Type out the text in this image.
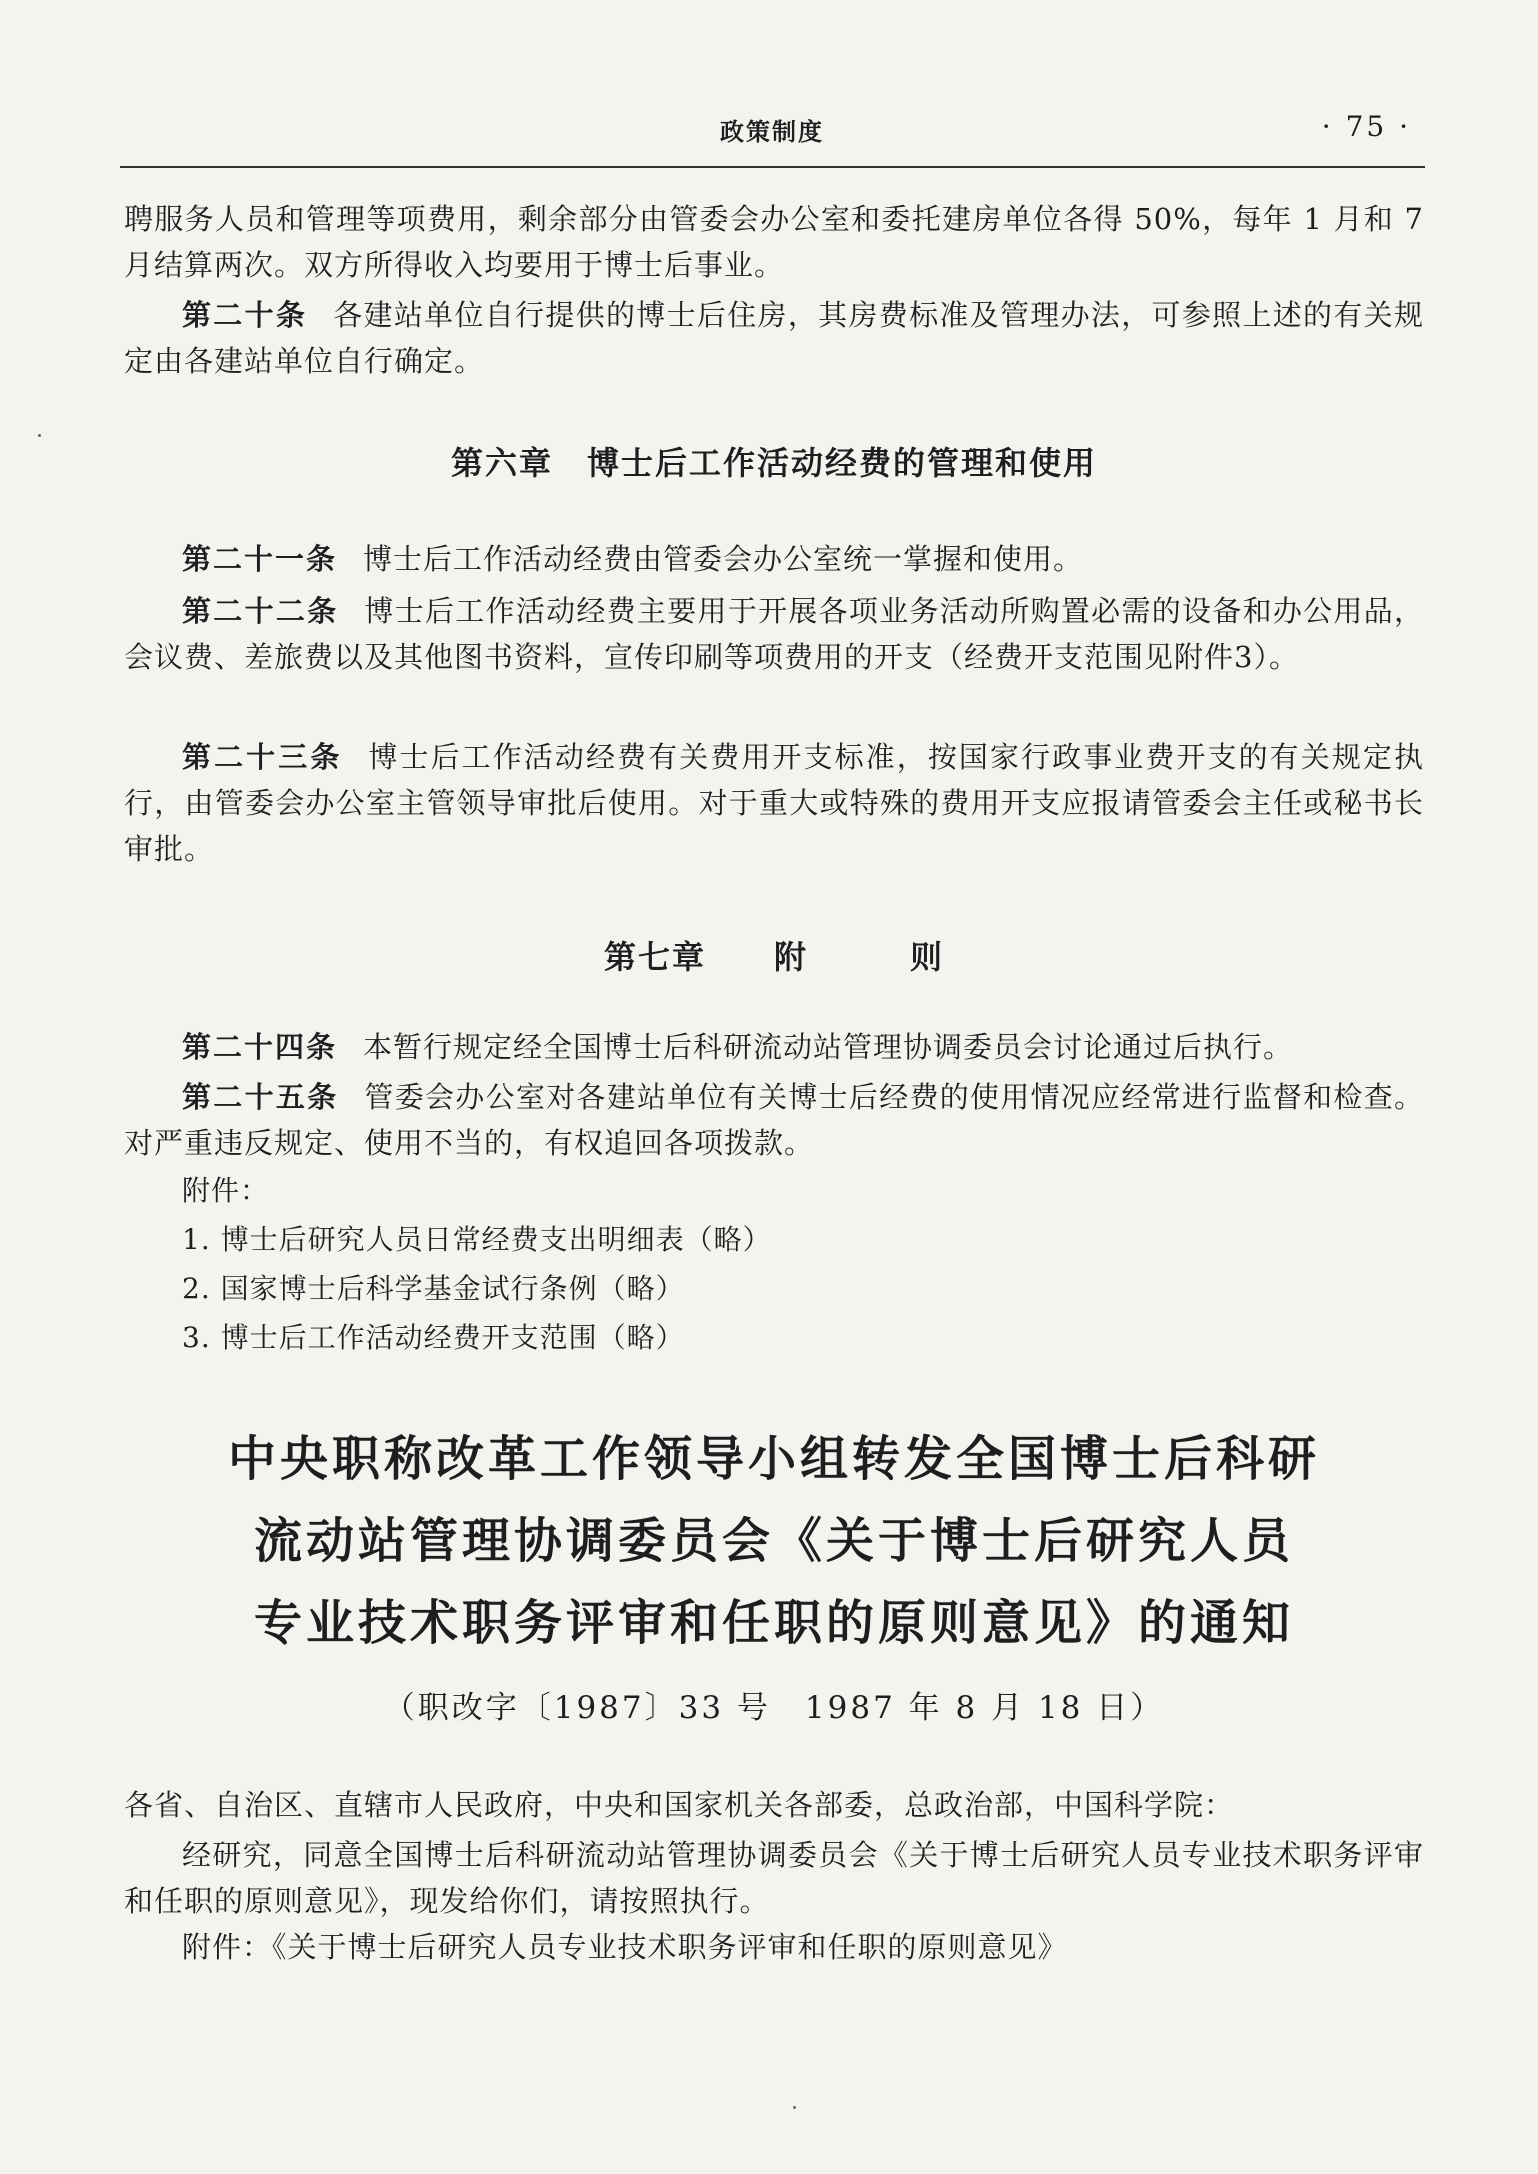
政策制度	· 75 ·
聘服务人员和管理等项费用，剩余部分由管委会办公室和委托建房单位各得 50%，每年 1 月和 7 月结算两次。双方所得收入均要用于博士后事业。
第二十条 各建站单位自行提供的博士后住房，其房费标准及管理办法，可参照上述的有关规定由各建站单位自行确定。
第六章　博士后工作活动经费的管理和使用
第二十一条 博士后工作活动经费由管委会办公室统一掌握和使用。
第二十二条 博士后工作活动经费主要用于开展各项业务活动所购置必需的设备和办公用品，会议费、差旅费以及其他图书资料，宣传印刷等项费用的开支（经费开支范围见附件3）。
第二十三条 博士后工作活动经费有关费用开支标准，按国家行政事业费开支的有关规定执行，由管委会办公室主管领导审批后使用。对于重大或特殊的费用开支应报请管委会主任或秘书长审批。
第七章　　附　　　则
第二十四条 本暂行规定经全国博士后科研流动站管理协调委员会讨论通过后执行。
第二十五条 管委会办公室对各建站单位有关博士后经费的使用情况应经常进行监督和检查。对严重违反规定、使用不当的，有权追回各项拨款。
附件：
1. 博士后研究人员日常经费支出明细表（略）
2. 国家博士后科学基金试行条例（略）
3. 博士后工作活动经费开支范围（略）
中央职称改革工作领导小组转发全国博士后科研
流动站管理协调委员会《关于博士后研究人员
专业技术职务评审和任职的原则意见》的通知
（职改字〔1987〕33 号　1987 年 8 月 18 日）
各省、自治区、直辖市人民政府，中央和国家机关各部委，总政治部，中国科学院：
经研究，同意全国博士后科研流动站管理协调委员会《关于博士后研究人员专业技术职务评审和任职的原则意见》，现发给你们，请按照执行。
附件：《关于博士后研究人员专业技术职务评审和任职的原则意见》
